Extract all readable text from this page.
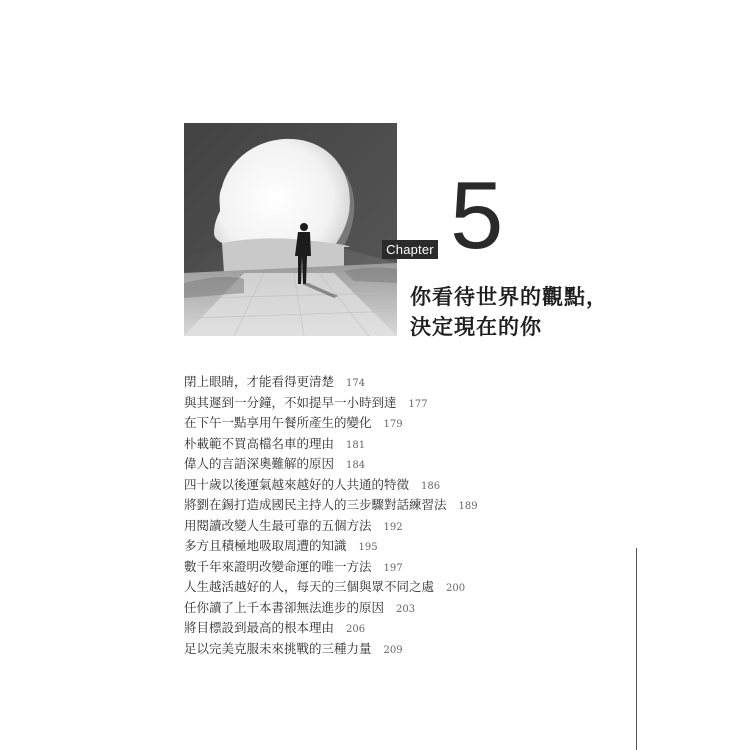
Chapter 5
你看待世界的觀點，
決定現在的你
閉上眼睛，才能看得更清楚 174
與其遲到一分鐘，不如提早一小時到達 177
在下午一點享用午餐所產生的變化 179
朴載範不買高檔名車的理由 181
偉人的言語深奧難解的原因 184
四十歲以後運氣越來越好的人共通的特徵 186
將劉在錫打造成國民主持人的三步驟對話練習法 189
用閱讀改變人生最可靠的五個方法 192
多方且積極地吸取周遭的知識 195
數千年來證明改變命運的唯一方法 197
人生越活越好的人，每天的三個與眾不同之處 200
任你讀了上千本書卻無法進步的原因 203
將目標設到最高的根本理由 206
足以完美克服未來挑戰的三種力量 209
